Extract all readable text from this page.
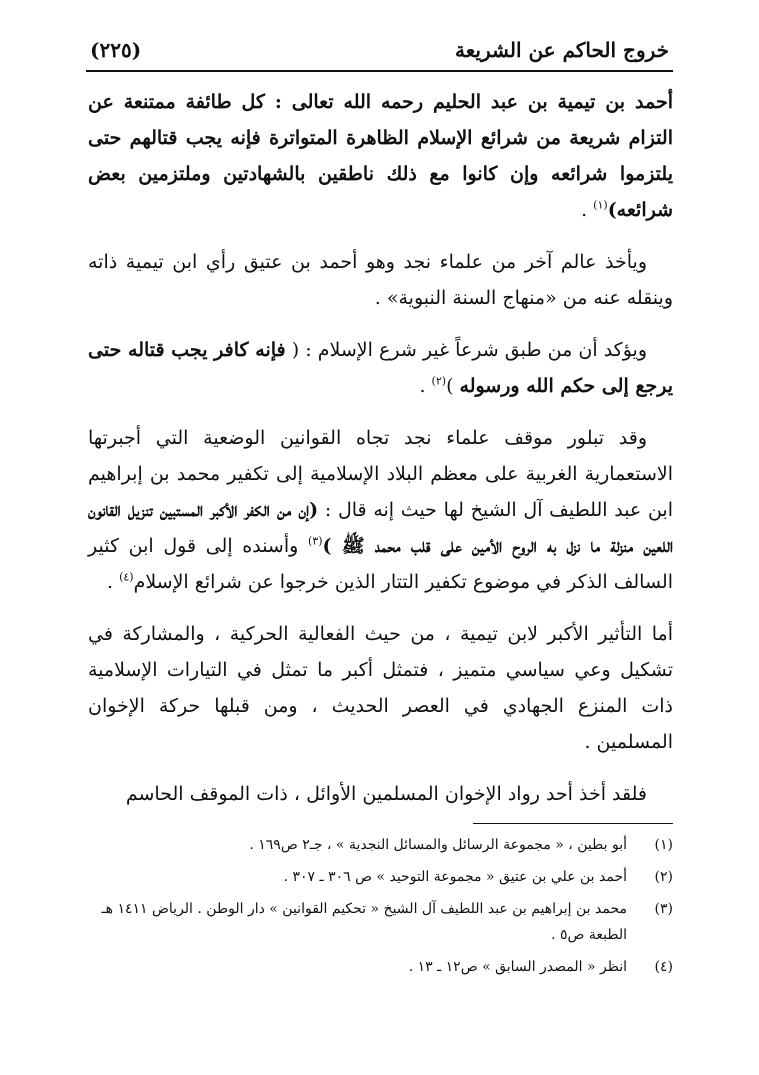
خروج الحاكم عن الشريعة
(٢٢٥)

أحمد بن تيمية بن عبد الحليم رحمه الله تعالى : كل طائفة ممتنعة عن التزام شريعة من شرائع الإسلام الظاهرة المتواترة فإنه يجب قتالهم حتى يلتزموا شرائعه وإن كانوا مع ذلك ناطقين بالشهادتين وملتزمين بعض شرائعه)$^{(١)}$ .

ويأخذ عالم آخر من علماء نجد وهو أحمد بن عتيق رأي ابن تيمية ذاته وينقله عنه من «منهاج السنة النبوية» .

ويؤكد أن من طبق شرعاً غير شرع الإسلام : ( فإنه كافر يجب قتاله حتى يرجع إلى حكم الله ورسوله )$^{(٢)}$ .

وقد تبلور موقف علماء نجد تجاه القوانين الوضعية التي أجبرتها الاستعمارية الغربية على معظم البلاد الإسلامية إلى تكفير محمد بن إبراهيم ابن عبد اللطيف آل الشيخ لها حيث إنه قال : (إن من الكفر الأكبر المستبين تنزيل القانون اللعين منزلة ما نزل به الروح الأمين على قلب محمد ﷺ )$^{(٣)}$ وأسنده إلى قول ابن كثير السالف الذكر في موضوع تكفير التتار الذين خرجوا عن شرائع الإسلام$^{(٤)}$ .

أما التأثير الأكبر لابن تيمية ، من حيث الفعالية الحركية ، والمشاركة في تشكيل وعي سياسي متميز ، فتمثل أكبر ما تمثل في التيارات الإسلامية ذات المنزع الجهادي في العصر الحديث ، ومن قبلها حركة الإخوان المسلمين .

فلقد أخذ أحد رواد الإخوان المسلمين الأوائل ، ذات الموقف الحاسم

(١)
أبو بطين ، « مجموعة الرسائل والمسائل النجدية » ، جـ٢ ص١٦٩ .
(٢)
أحمد بن علي بن عتيق « مجموعة التوحيد » ص ٣٠٦ ـ ٣٠٧ .
(٣)
محمد بن إبراهيم بن عبد اللطيف آل الشيخ « تحكيم القوانين » دار الوطن . الرياض ١٤١١ هـ الطبعة ص٥ .
(٤)
انظر « المصدر السابق » ص١٢ ـ ١٣ .
